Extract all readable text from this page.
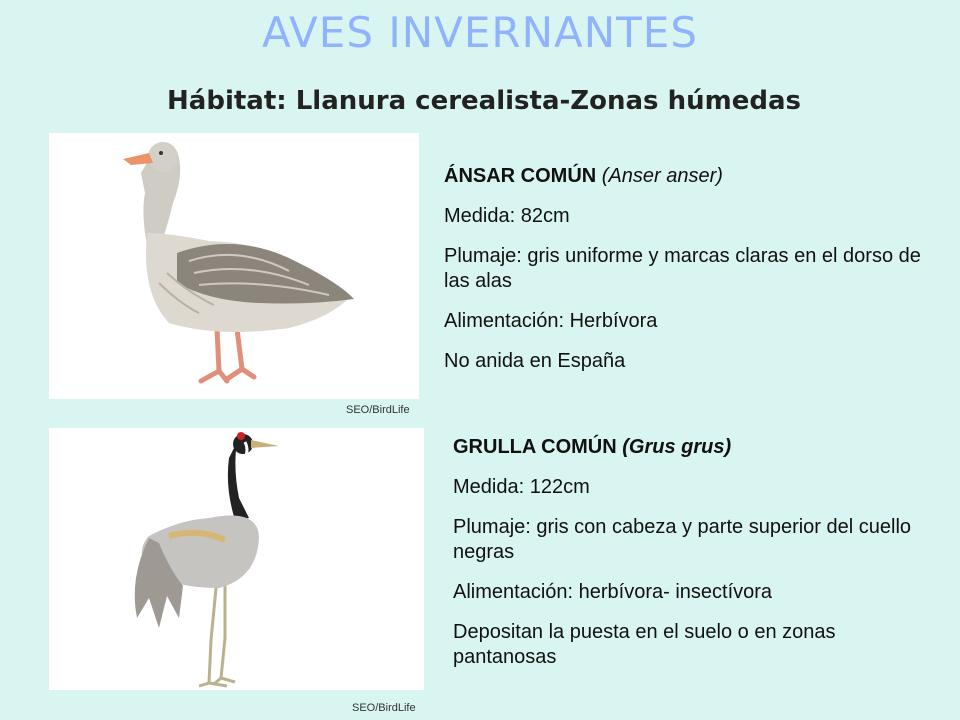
AVES INVERNANTES
Hábitat: Llanura cerealista-Zonas húmedas
SEO/BirdLife

ÁNSAR COMÚN (Anser anser)

Medida: 82cm

Plumaje: gris uniforme y marcas claras en el dorso de las alas

Alimentación: Herbívora

No anida en España

SEO/BirdLife

GRULLA COMÚN (Grus grus)

Medida: 122cm

Plumaje: gris con cabeza y parte superior del cuello negras

Alimentación: herbívora- insectívora

Depositan la puesta en el suelo o en zonas pantanosas
